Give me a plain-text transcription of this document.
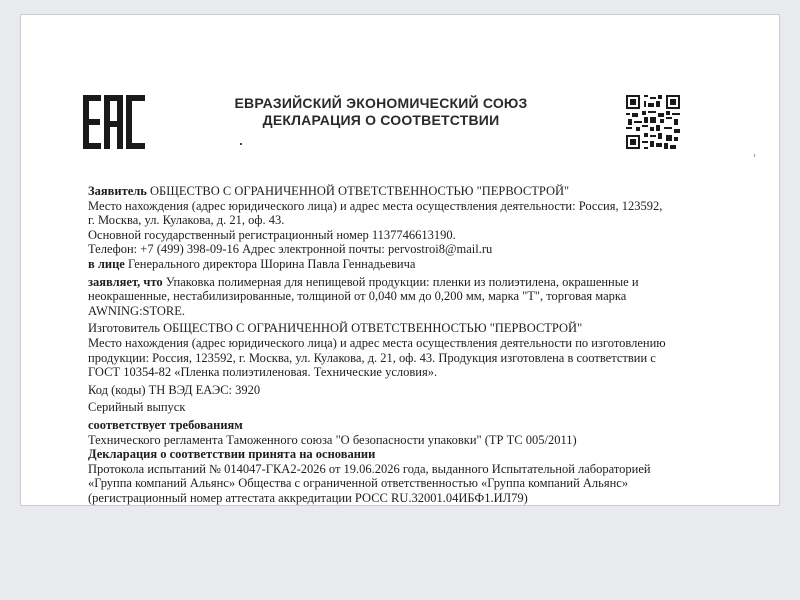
ЕВРАЗИЙСКИЙ ЭКОНОМИЧЕСКИЙ СОЮЗ
ДЕКЛАРАЦИЯ О СООТВЕТСТВИИ
Заявитель ОБЩЕСТВО С ОГРАНИЧЕННОЙ ОТВЕТСТВЕННОСТЬЮ "ПЕРВОСТРОЙ"
Место нахождения (адрес юридического лица) и адрес места осуществления деятельности: Россия, 123592,
г. Москва, ул. Кулакова, д. 21, оф. 43.
Основной государственный регистрационный номер 1137746613190.
Телефон: +7 (499) 398-09-16 Адрес электронной почты: pervostroi8@mail.ru
в лице Генерального директора Шорина Павла Геннадьевича
заявляет, что Упаковка полимерная для непищевой продукции: пленки из полиэтилена, окрашенные и
неокрашенные, нестабилизированные, толщиной от 0,040 мм до 0,200 мм, марка "Т", торговая марка
AWNING:STORE.
Изготовитель ОБЩЕСТВО С ОГРАНИЧЕННОЙ ОТВЕТСТВЕННОСТЬЮ "ПЕРВОСТРОЙ"
Место нахождения (адрес юридического лица) и адрес места осуществления деятельности по изготовлению
продукции: Россия, 123592, г. Москва, ул. Кулакова, д. 21, оф. 43. Продукция изготовлена в соответствии с
ГОСТ 10354-82 «Пленка полиэтиленовая. Технические условия».
Код (коды) ТН ВЭД ЕАЭС: 3920
Серийный выпуск
соответствует требованиям
Технического регламента Таможенного союза "О безопасности упаковки" (ТР ТС 005/2011)
Декларация о соответствии принята на основании
Протокола испытаний № 014047-ГКА2-2026 от 19.06.2026 года, выданного Испытательной лабораторией
«Группа компаний Альянс» Общества с ограниченной ответственностью «Группа компаний Альянс»
(регистрационный номер аттестата аккредитации РОСС RU.32001.04ИБФ1.ИЛ79)
